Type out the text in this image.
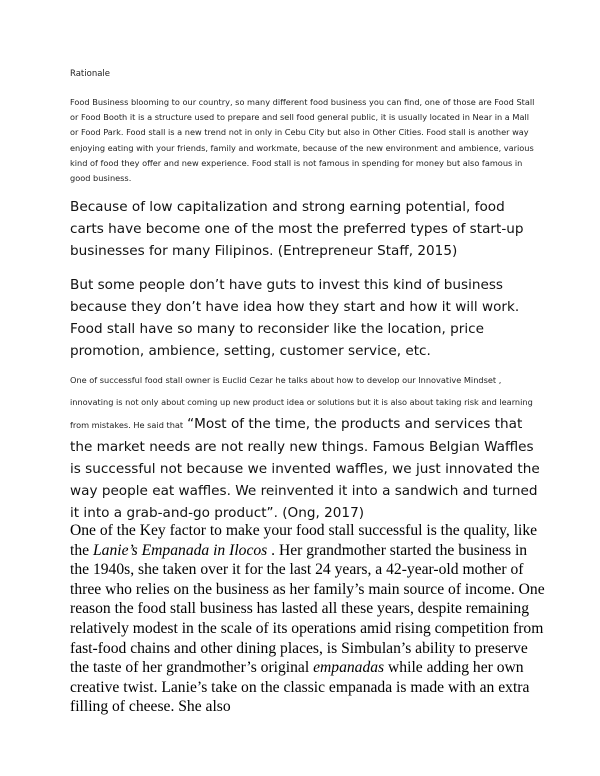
Rationale

Food Business blooming to our country, so many different food business you can find, one of those are Food Stall or Food Booth it is a structure used to prepare and sell food general public, it is usually located in Near in a Mall or Food Park. Food stall is a new trend not in only in Cebu City but also in Other Cities. Food stall is another way enjoying eating with your friends, family and workmate, because of the new environment and ambience, various kind of food they offer and new experience. Food stall is not famous in spending for money but also famous in good business.

Because of low capitalization and strong earning potential, food carts have become one of the most the preferred types of start-up businesses for many Filipinos. (Entrepreneur Staff, 2015)

But some people don’t have guts to invest this kind of business because they don’t have idea how they start and how it will work. Food stall have so many to reconsider like the location, price promotion, ambience, setting, customer service, etc.

One of successful food stall owner is Euclid Cezar he talks about how to develop our Innovative Mindset , innovating is not only about coming up new product idea or solutions but it is also about taking risk and learning from mistakes. He said that “Most of the time, the products and services that the market needs are not really new things. Famous Belgian Waffles is successful not because we invented waffles, we just innovated the way people eat waffles. We reinvented it into a sandwich and turned it into a grab-and-go product”. (Ong, 2017)

One of the Key factor to make your food stall successful is the quality, like the Lanie’s Empanada in Ilocos . Her grandmother started the business in the 1940s, she taken over it for the last 24 years, a 42-year-old mother of three who relies on the business as her family’s main source of income. One reason the food stall business has lasted all these years, despite remaining relatively modest in the scale of its operations amid rising competition from fast-food chains and other dining places, is Simbulan’s ability to preserve the taste of her grandmother’s original empanadas while adding her own creative twist. Lanie’s take on the classic empanada is made with an extra filling of cheese. She also
